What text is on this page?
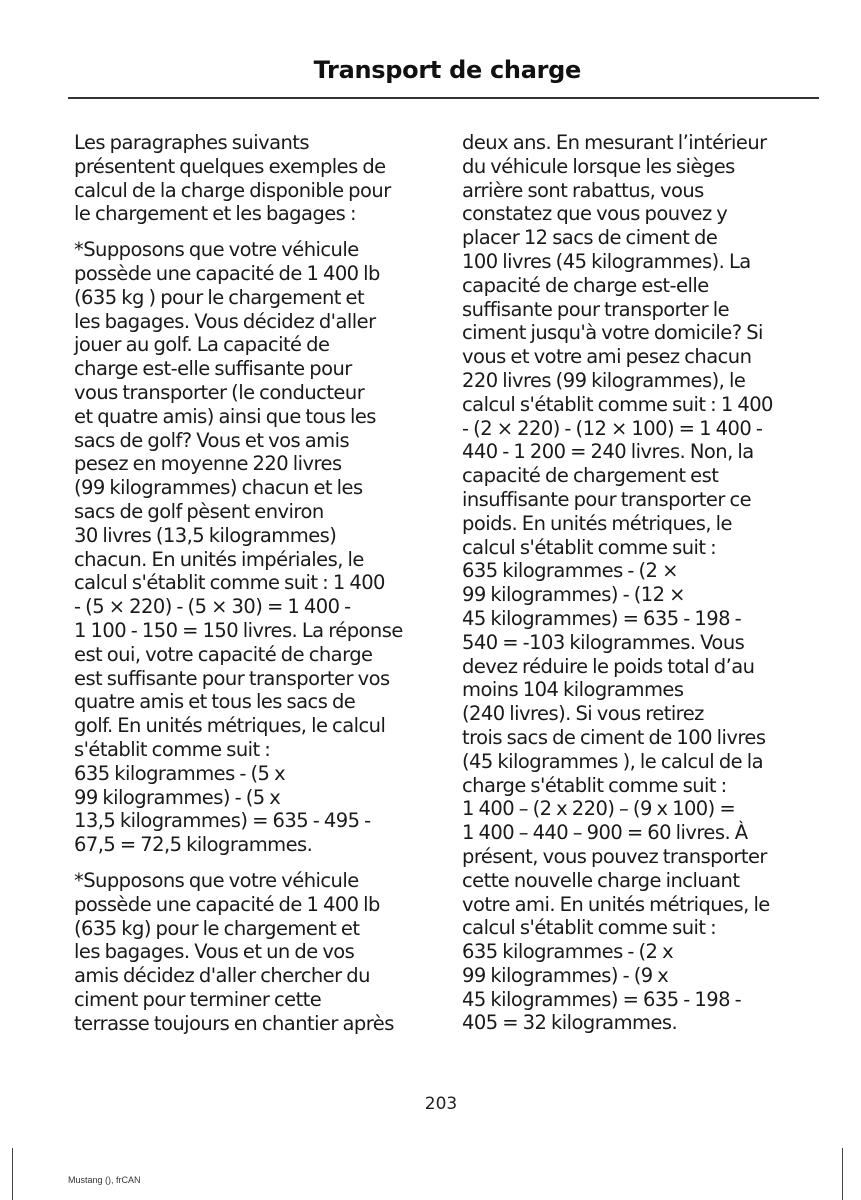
Transport de charge

Les paragraphes suivants
présentent quelques exemples de
calcul de la charge disponible pour
le chargement et les bagages :

*Supposons que votre véhicule
possède une capacité de 1 400 lb
(635 kg ) pour le chargement et
les bagages. Vous décidez d'aller
jouer au golf. La capacité de
charge est-elle suffisante pour
vous transporter (le conducteur
et quatre amis) ainsi que tous les
sacs de golf? Vous et vos amis
pesez en moyenne 220 livres
(99 kilogrammes) chacun et les
sacs de golf pèsent environ
30 livres (13,5 kilogrammes)
chacun. En unités impériales, le
calcul s'établit comme suit : 1 400
- (5 × 220) - (5 × 30) = 1 400 -
1 100 - 150 = 150 livres. La réponse
est oui, votre capacité de charge
est suffisante pour transporter vos
quatre amis et tous les sacs de
golf. En unités métriques, le calcul
s'établit comme suit :
635 kilogrammes - (5 x
99 kilogrammes) - (5 x
13,5 kilogrammes) = 635 - 495 -
67,5 = 72,5 kilogrammes.

*Supposons que votre véhicule
possède une capacité de 1 400 lb
(635 kg) pour le chargement et
les bagages. Vous et un de vos
amis décidez d'aller chercher du
ciment pour terminer cette
terrasse toujours en chantier après

deux ans. En mesurant l’intérieur
du véhicule lorsque les sièges
arrière sont rabattus, vous
constatez que vous pouvez y
placer 12 sacs de ciment de
100 livres (45 kilogrammes). La
capacité de charge est-elle
suffisante pour transporter le
ciment jusqu'à votre domicile? Si
vous et votre ami pesez chacun
220 livres (99 kilogrammes), le
calcul s'établit comme suit : 1 400
- (2 × 220) - (12 × 100) = 1 400 -
440 - 1 200 = 240 livres. Non, la
capacité de chargement est
insuffisante pour transporter ce
poids. En unités métriques, le
calcul s'établit comme suit :
635 kilogrammes - (2 ×
99 kilogrammes) - (12 ×
45 kilogrammes) = 635 - 198 -
540 = -103 kilogrammes. Vous
devez réduire le poids total d’au
moins 104 kilogrammes
(240 livres). Si vous retirez
trois sacs de ciment de 100 livres
(45 kilogrammes ), le calcul de la
charge s'établit comme suit :
1 400 – (2 x 220) – (9 x 100) =
1 400 – 440 – 900 = 60 livres. À
présent, vous pouvez transporter
cette nouvelle charge incluant
votre ami. En unités métriques, le
calcul s'établit comme suit :
635 kilogrammes - (2 x
99 kilogrammes) - (9 x
45 kilogrammes) = 635 - 198 -
405 = 32 kilogrammes.

203
Mustang (), frCAN
